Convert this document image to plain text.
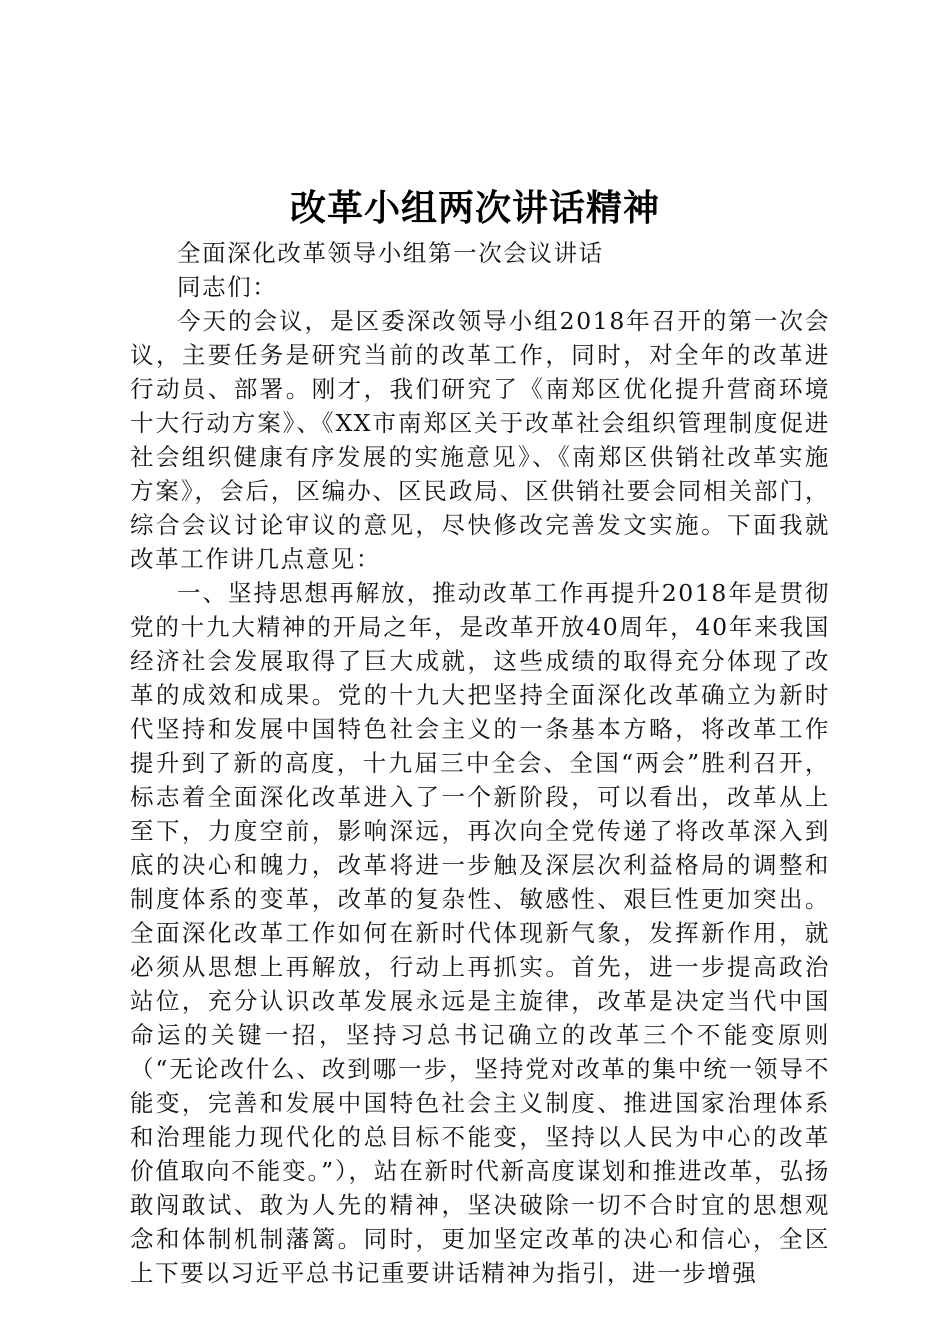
改革小组两次讲话精神

全面深化改革领导小组第一次会议讲话

同志们：

今天的会议，是区委深改领导小组2018年召开的第一次会议，主要任务是研究当前的改革工作，同时，对全年的改革进行动员、部署。刚才，我们研究了《南郑区优化提升营商环境十大行动方案》、《XX市南郑区关于改革社会组织管理制度促进社会组织健康有序发展的实施意见》、《南郑区供销社改革实施方案》，会后，区编办、区民政局、区供销社要会同相关部门，综合会议讨论审议的意见，尽快修改完善发文实施。下面我就改革工作讲几点意见：

一、坚持思想再解放，推动改革工作再提升2018年是贯彻党的十九大精神的开局之年，是改革开放40周年，40年来我国经济社会发展取得了巨大成就，这些成绩的取得充分体现了改革的成效和成果。党的十九大把坚持全面深化改革确立为新时代坚持和发展中国特色社会主义的一条基本方略，将改革工作提升到了新的高度，十九届三中全会、全国“两会”胜利召开，标志着全面深化改革进入了一个新阶段，可以看出，改革从上至下，力度空前，影响深远，再次向全党传递了将改革深入到底的决心和魄力，改革将进一步触及深层次利益格局的调整和制度体系的变革，改革的复杂性、敏感性、艰巨性更加突出。全面深化改革工作如何在新时代体现新气象，发挥新作用，就必须从思想上再解放，行动上再抓实。首先，进一步提高政治站位，充分认识改革发展永远是主旋律，改革是决定当代中国命运的关键一招，坚持习总书记确立的改革三个不能变原则（“无论改什么、改到哪一步，坚持党对改革的集中统一领导不能变，完善和发展中国特色社会主义制度、推进国家治理体系和治理能力现代化的总目标不能变，坚持以人民为中心的改革价值取向不能变。”），站在新时代新高度谋划和推进改革，弘扬敢闯敢试、敢为人先的精神，坚决破除一切不合时宜的思想观念和体制机制藩篱。同时，更加坚定改革的决心和信心，全区上下要以习近平总书记重要讲话精神为指引，进一步增强
